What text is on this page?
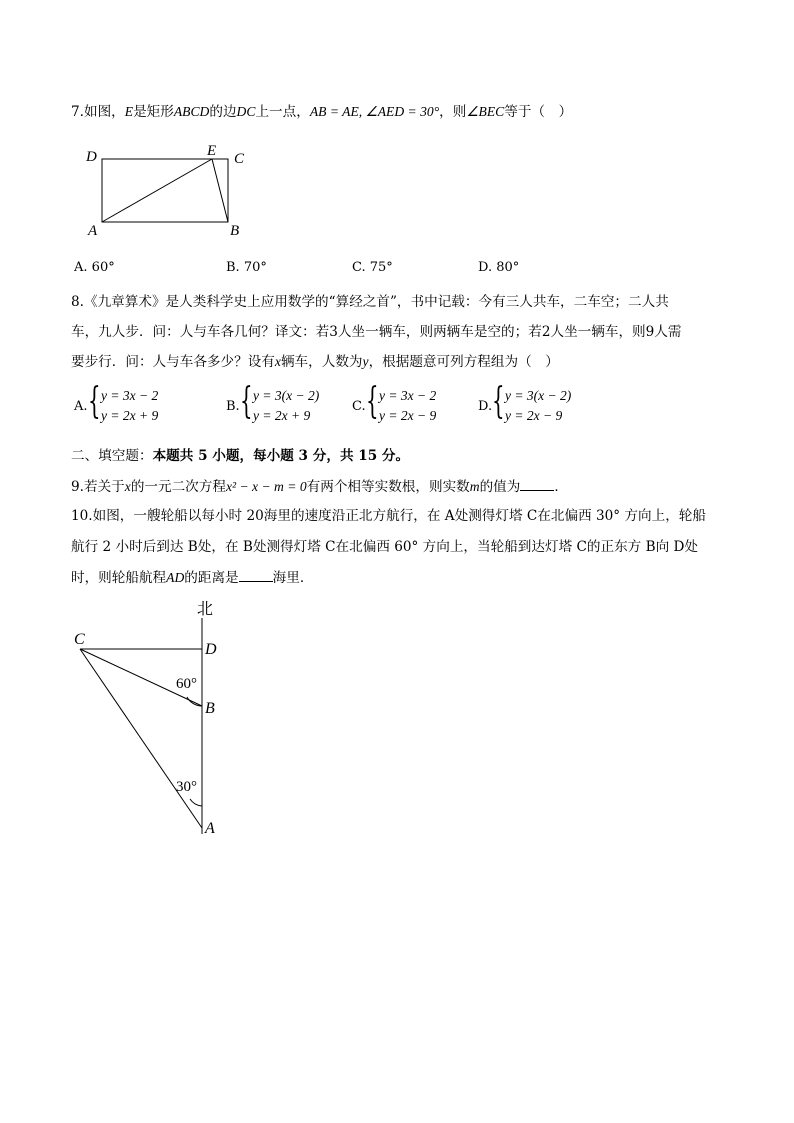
7.如图，E是矩形ABCD的边DC上一点，AB = AE, ∠AED = 30°，则∠BEC等于（　）
D	E C
A	B
A. 60°	B. 70°	C. 75°	D. 80°
8.《九章算术》是人类科学史上应用数学的“算经之首”，书中记载：今有三人共车，二车空；二人共
车，九人步．问：人与车各几何？译文：若3人坐一辆车，则两辆车是空的；若2人坐一辆车，则9人需
要步行．问：人与车各多少？设有x辆车，人数为y，根据题意可列方程组为（　）
A. { y = 3x − 2
y = 2x + 9
B. { y = 3(x − 2)
y = 2x + 9
C. { y = 3x − 2
y = 2x − 9
D. { y = 3(x − 2)
y = 2x − 9
二、填空题：本题共 5 小题，每小题 3 分，共 15 分。
9.若关于x的一元二次方程x² − x − m = 0有两个相等实数根，则实数m的值为	．
10.如图，一艘轮船以每小时 20海里的速度沿正北方航行，在 A处测得灯塔 C在北偏西 30° 方向上，轮船
航行 2 小时后到达 B处，在 B处测得灯塔 C在北偏西 60° 方向上，当轮船到达灯塔 C的正东方 B向 D处
时，则轮船航程AD的距离是	海里．
北
C
D
60°
B
30°
A
